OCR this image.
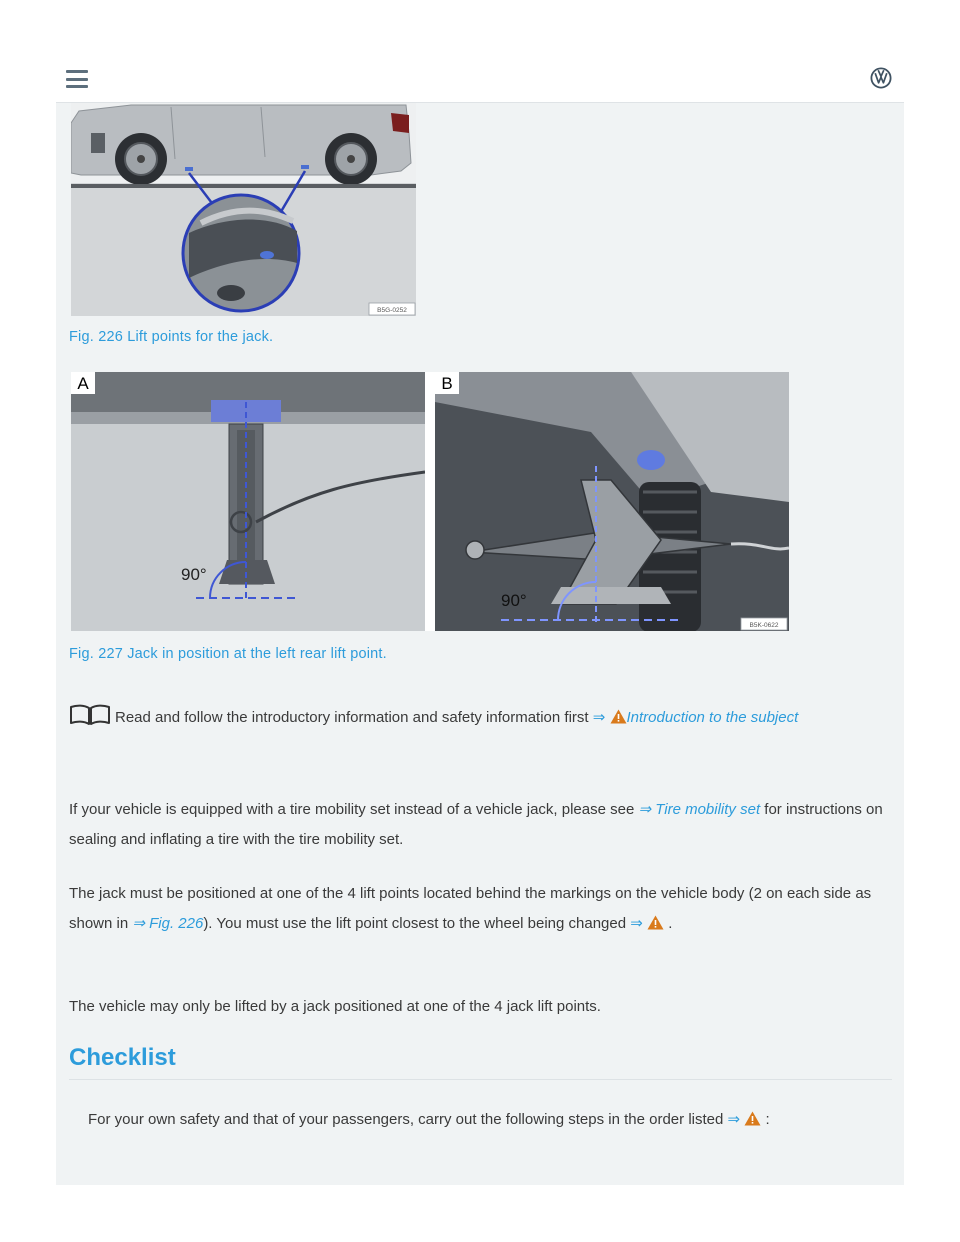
B5G-0252
Fig. 226 Lift points for the jack.
90°
A
90°
B
B5K-0622
Fig. 227 Jack in position at the left rear lift point.
Read and follow the introductory information and safety information first ⇒ Introduction to the subject
If your vehicle is equipped with a tire mobility set instead of a vehicle jack, please see ⇒ Tire mobility set for instructions on sealing and inflating a tire with the tire mobility set.
The jack must be positioned at one of the 4 lift points located behind the markings on the vehicle body (2 on each side as shown in ⇒ Fig. 226). You must use the lift point closest to the wheel being changed ⇒ .
The vehicle may only be lifted by a jack positioned at one of the 4 jack lift points.
Checklist
For your own safety and that of your passengers, carry out the following steps in the order listed ⇒ :
